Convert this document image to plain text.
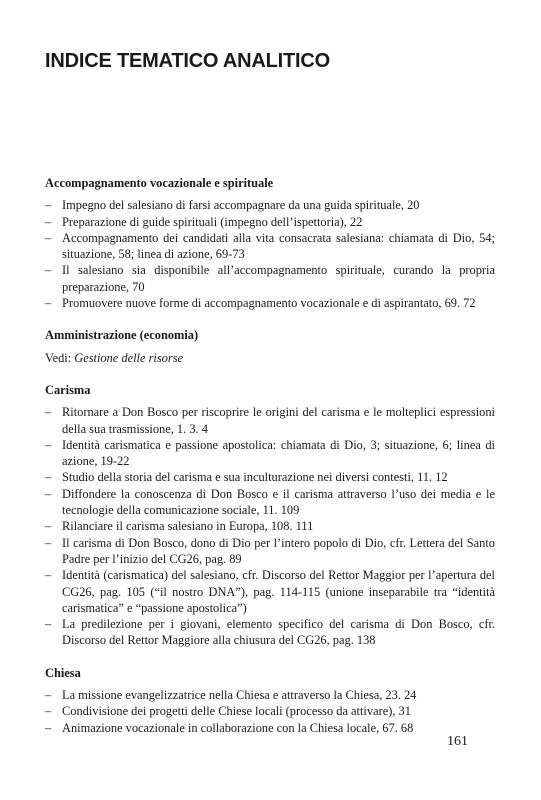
INDICE TEMATICO ANALITICO
Accompagnamento vocazionale e spirituale
– Impegno del salesiano di farsi accompagnare da una guida spirituale, 20
– Preparazione di guide spirituali (impegno dell’ispettoria), 22
– Accompagnamento dei candidati alla vita consacrata salesiana: chiamata di Dio, 54; situazione, 58; linea di azione, 69-73
– Il salesiano sia disponibile all’accompagnamento spirituale, curando la propria preparazione, 70
– Promuovere nuove forme di accompagnamento vocazionale e di aspirantato, 69. 72
Amministrazione (economia)
Vedi: Gestione delle risorse
Carisma
– Ritornare a Don Bosco per riscoprire le origini del carisma e le molteplici espressioni della sua trasmissione, 1. 3. 4
– Identità carismatica e passione apostolica: chiamata di Dio, 3; situazione, 6; linea di azione, 19-22
– Studio della storia del carisma e sua inculturazione nei diversi contesti, 11. 12
– Diffondere la conoscenza di Don Bosco e il carisma attraverso l’uso dei media e le tecnologie della comunicazione sociale, 11. 109
– Rilanciare il carisma salesiano in Europa, 108. 111
– Il carisma di Don Bosco, dono di Dio per l’intero popolo di Dio, cfr. Lettera del Santo Padre per l’inizio del CG26, pag. 89
– Identità (carismatica) del salesiano, cfr. Discorso del Rettor Maggior per l’apertura del CG26, pag. 105 (“il nostro DNA”), pag. 114-115 (unione inseparabile tra “identità carismatica” e “passione apostolica”)
– La predilezione per i giovani, elemento specifico del carisma di Don Bosco, cfr. Discorso del Rettor Maggiore alla chiusura del CG26, pag. 138
Chiesa
– La missione evangelizzatrice nella Chiesa e attraverso la Chiesa, 23. 24
– Condivisione dei progetti delle Chiese locali (processo da attivare), 31
– Animazione vocazionale in collaborazione con la Chiesa locale, 67. 68
161
